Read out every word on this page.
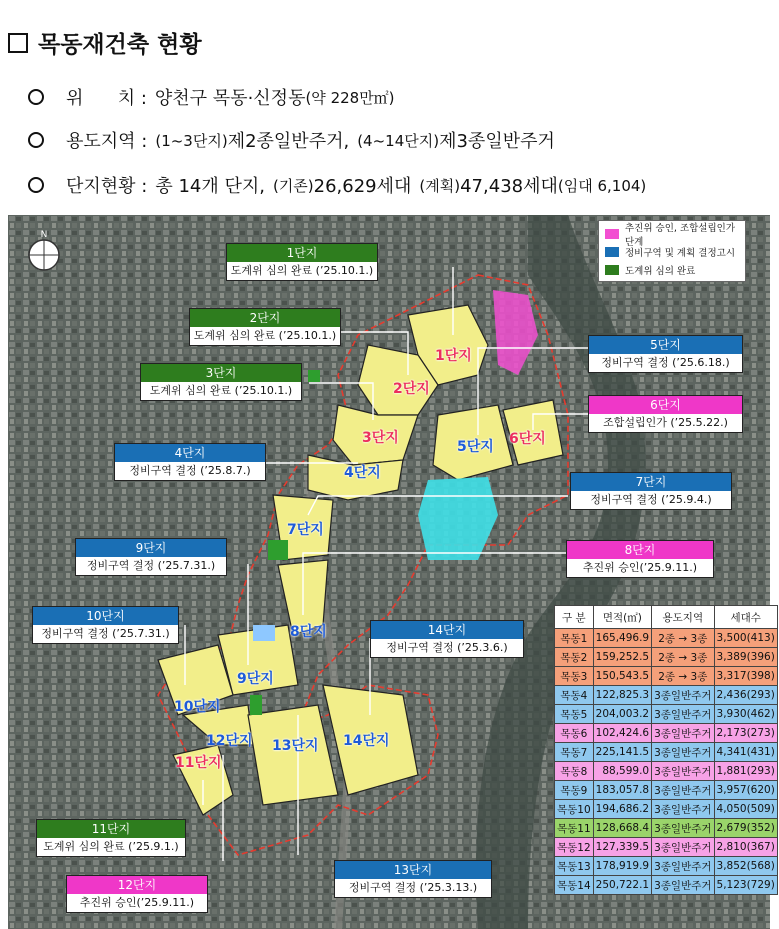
목동재건축 현황
위      치 : 양천구 목동·신정동 (약 228만㎡)
용도지역 : (1~3단지) 제2종일반주거, (4~14단지) 제3종일반주거
단지현황 : 총 14개 단지, (기존) 26,629세대 (계획) 47,438세대 (임대 6,104)
N
추진위 승인, 조합설립인가 단계
정비구역 및 계획 결정고시
도계위 심의 완료
1단지
도계위 심의 완료 (’25.10.1.)
2단지
도계위 심의 완료 (’25.10.1.)
3단지
도계위 심의 완료 (’25.10.1.)
4단지
정비구역 결정 (’25.8.7.)
5단지
정비구역 결정 (’25.6.18.)
6단지
조합설립인가 (’25.5.22.)
7단지
정비구역 결정 (’25.9.4.)
8단지
추진위 승인(’25.9.11.)
9단지
정비구역 결정 (’25.7.31.)
10단지
정비구역 결정 (’25.7.31.)
11단지
도계위 심의 완료 (’25.9.1.)
12단지
추진위 승인(’25.9.11.)
13단지
정비구역 결정 (’25.3.13.)
14단지
정비구역 결정 (’25.3.6.)
1단지
2단지
3단지
4단지
5단지 6단지
7단지
8단지
9단지
10단지
11단지
12단지 13단지 14단지
구 분	면적(㎡)	용도지역	세대수
목동1	165,496.9	2종 → 3종	3,500(413)
목동2	159,252.5	2종 → 3종	3,389(396)
목동3	150,543.5	2종 → 3종	3,317(398)
목동4	122,825.3	3종일반주거	2,436(293)
목동5	204,003.2	3종일반주거	3,930(462)
목동6	102,424.6	3종일반주거	2,173(273)
목동7	225,141.5	3종일반주거	4,341(431)
목동8	88,599.0	3종일반주거	1,881(293)
목동9	183,057.8	3종일반주거	3,957(620)
목동10	194,686.2	3종일반주거	4,050(509)
목동11	128,668.4	3종일반주거	2,679(352)
목동12	127,339.5	3종일반주거	2,810(367)
목동13	178,919.9	3종일반주거	3,852(568)
목동14	250,722.1	3종일반주거	5,123(729)
